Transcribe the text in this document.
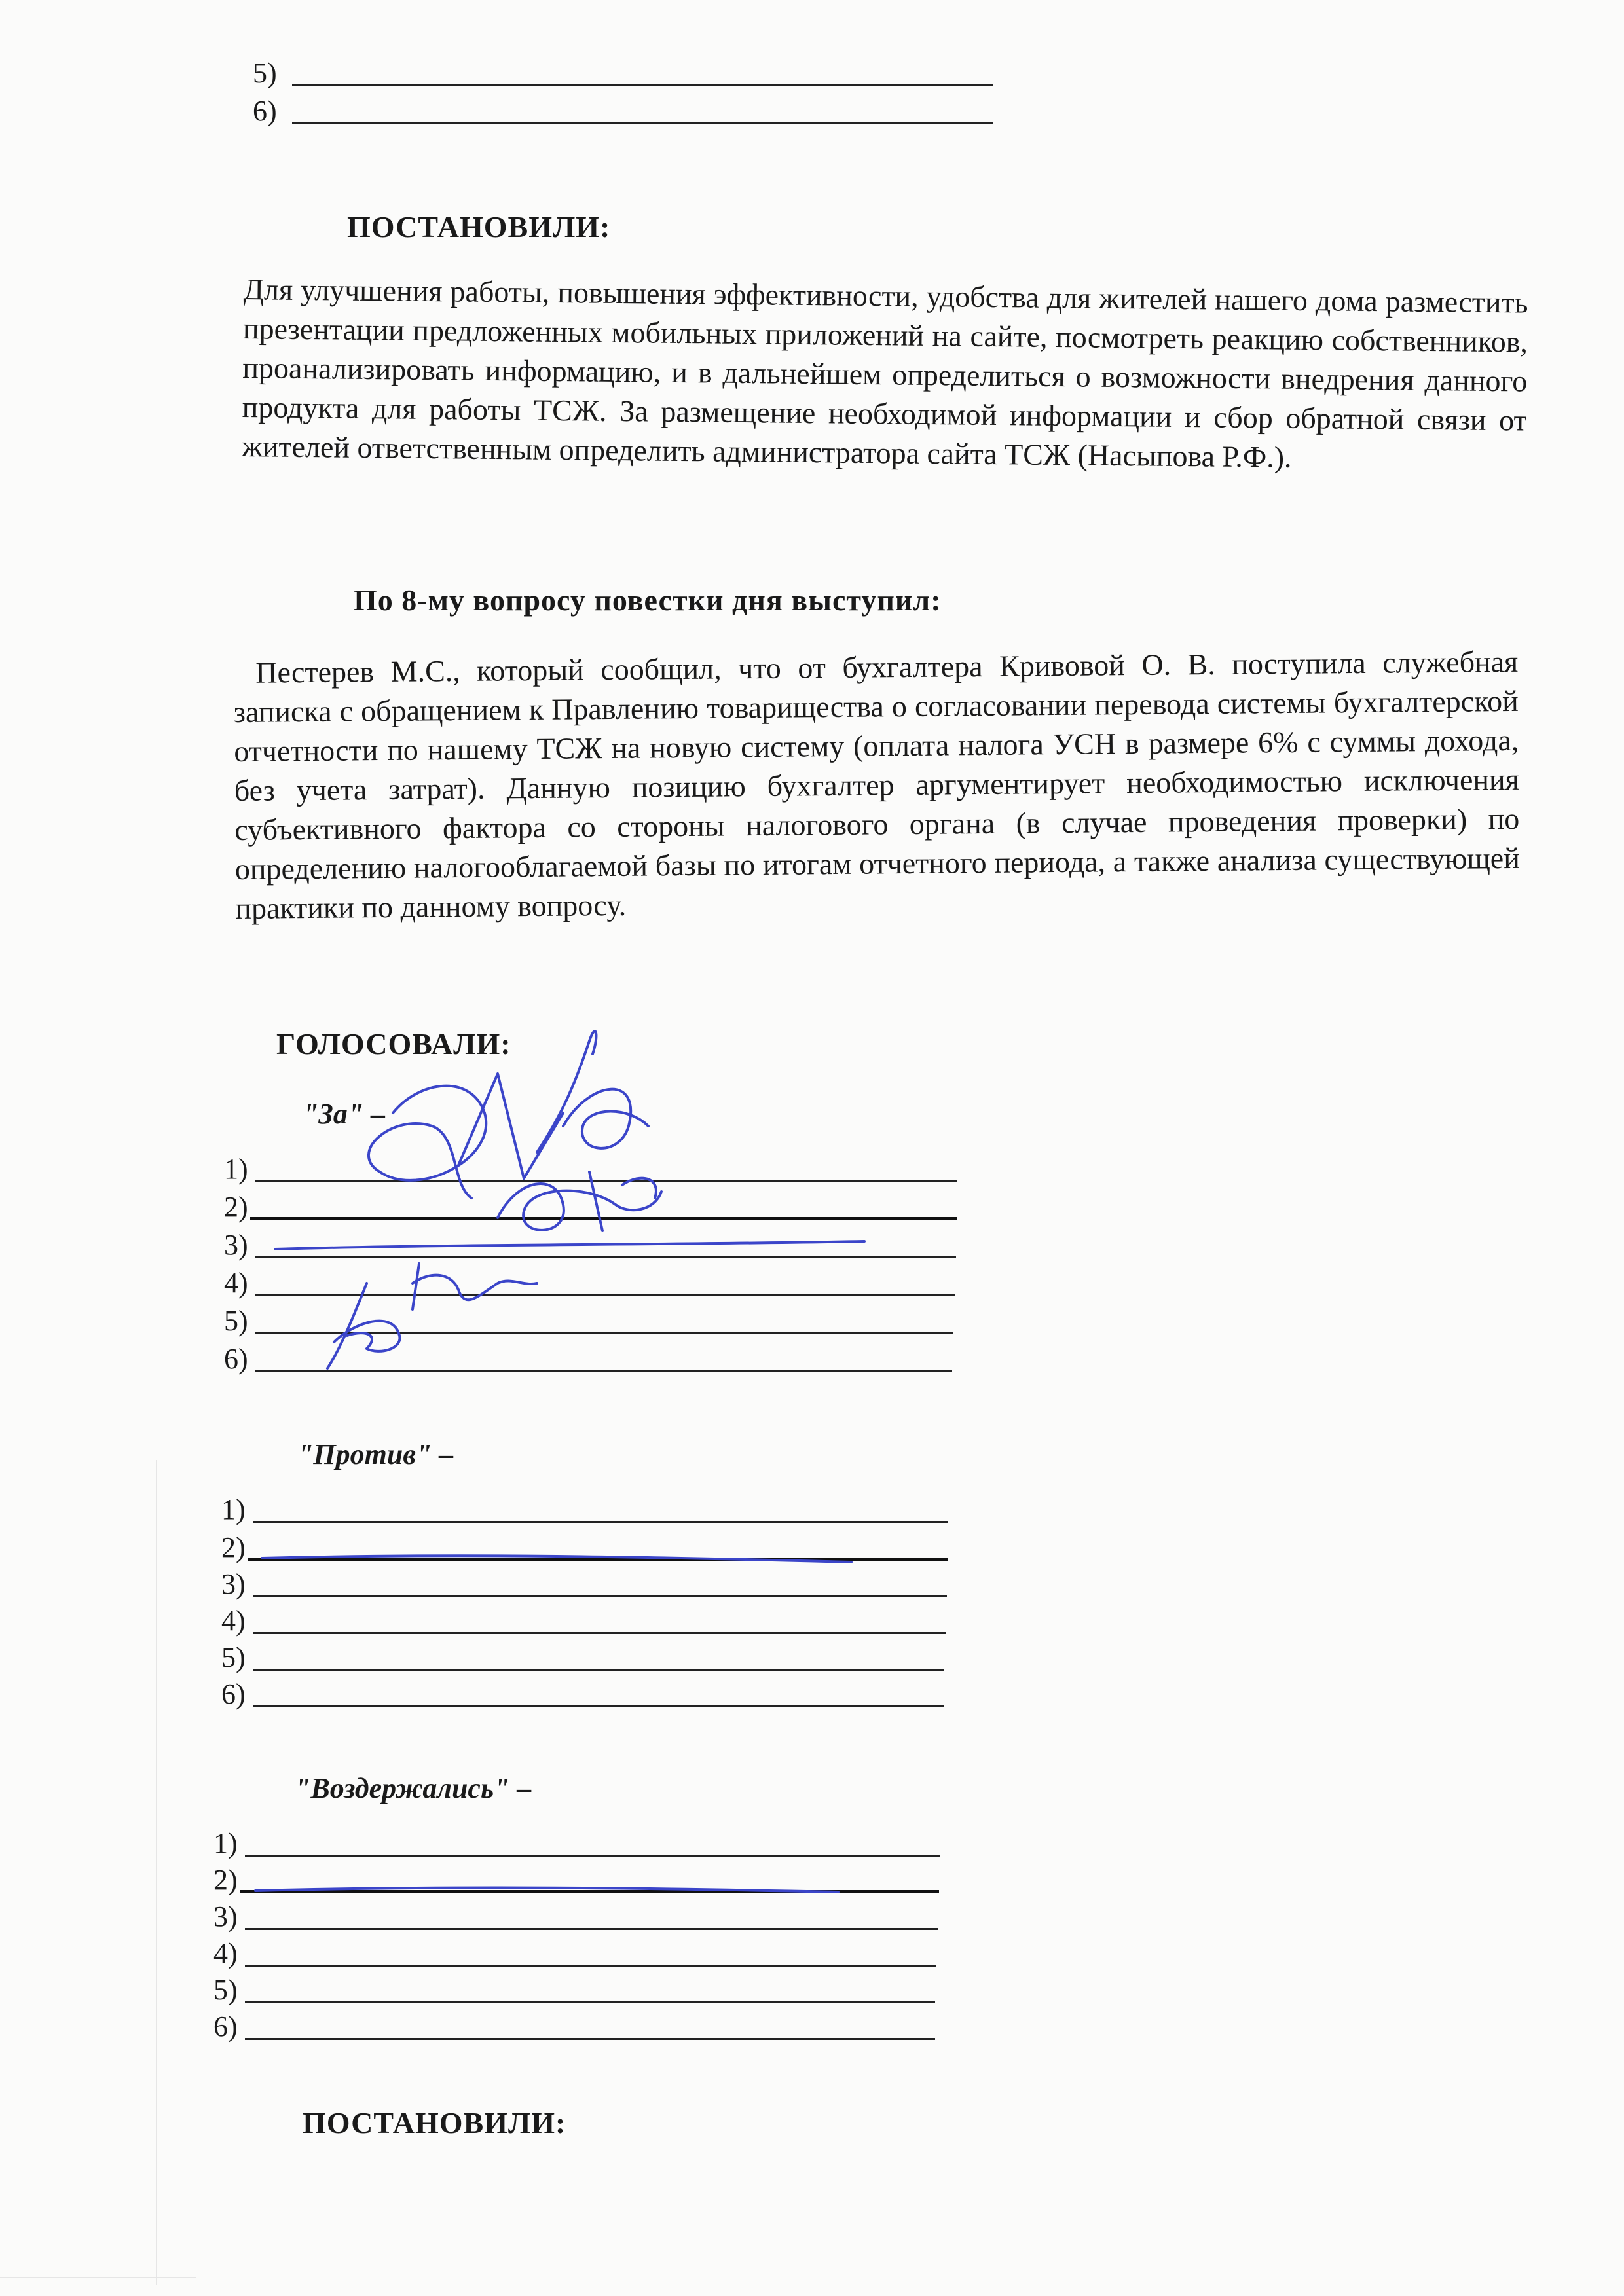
5)
6)
ПОСТАНОВИЛИ:
Для улучшения работы, повышения эффективности, удобства для жителей нашего дома разместить презентации предложенных мобильных приложений на сайте, посмотреть реакцию собственников, проанализировать информацию, и в дальнейшем определиться о возможности внедрения данного продукта для работы ТСЖ. За размещение необходимой информации и сбор обратной связи от жителей ответственным определить администратора сайта ТСЖ (Насыпова Р.Ф.).
По 8-му вопросу повестки дня выступил:
Пестерев М.С., который сообщил, что от бухгалтера Кривовой О. В. поступила служебная записка с обращением к Правлению товарищества о согласовании перевода системы бухгалтерской отчетности по нашему ТСЖ на новую систему (оплата налога УСН в размере 6% с суммы дохода, без учета затрат). Данную позицию бухгалтер аргументирует необходимостью исключения субъективного фактора со стороны налогового органа (в случае проведения проверки) по определению налогооблагаемой базы по итогам отчетного периода, а также анализа существующей практики по данному вопросу.
ГОЛОСОВАЛИ:
"За" –
1)
2)
3)
4)
5)
6)
"Против" –
1)
2)
3)
4)
5)
6)
"Воздержались" –
1)
2)
3)
4)
5)
6)
ПОСТАНОВИЛИ:
